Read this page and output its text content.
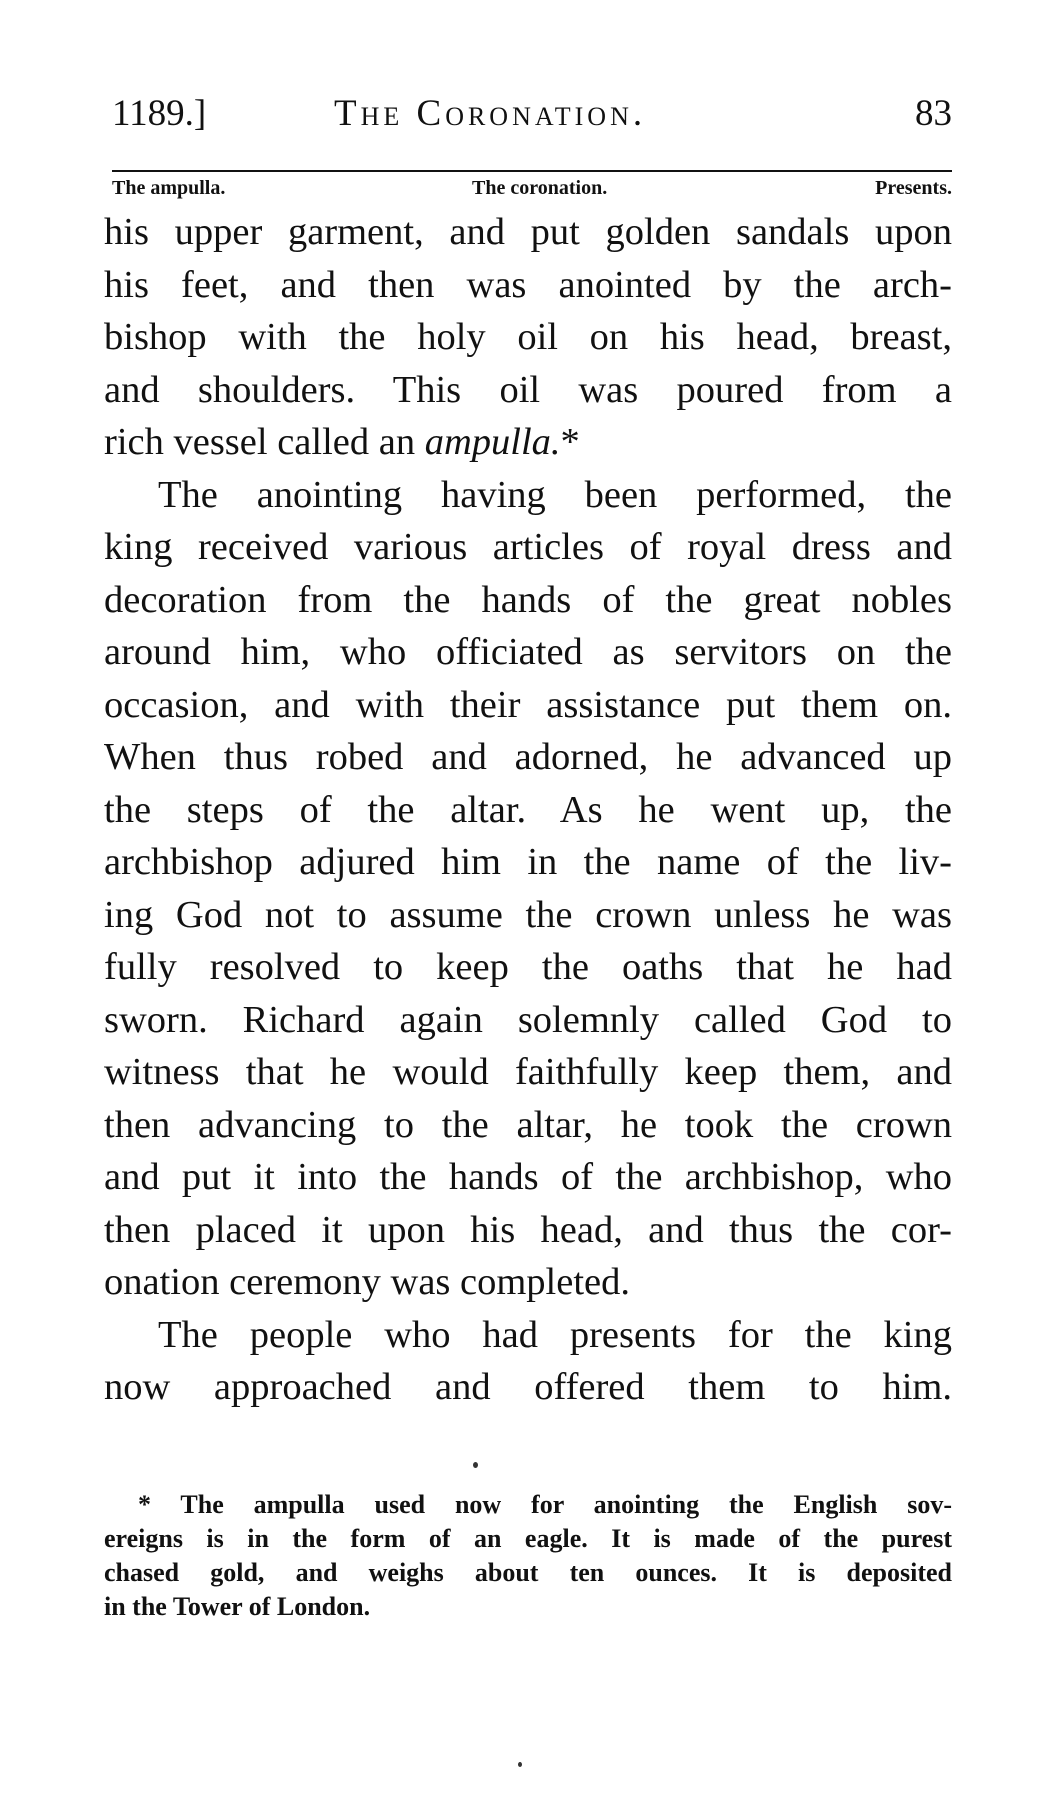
1189.]	The Coronation.	83
The ampulla.	The coronation.	Presents.

his upper garment, and put golden sandals upon
his feet, and then was anointed by the arch-
bishop with the holy oil on his head, breast,
and shoulders. This oil was poured from a
rich vessel called an ampulla.*

The anointing having been performed, the
king received various articles of royal dress and
decoration from the hands of the great nobles
around him, who officiated as servitors on the
occasion, and with their assistance put them on.
When thus robed and adorned, he advanced up
the steps of the altar. As he went up, the
archbishop adjured him in the name of the liv-
ing God not to assume the crown unless he was
fully resolved to keep the oaths that he had
sworn. Richard again solemnly called God to
witness that he would faithfully keep them, and
then advancing to the altar, he took the crown
and put it into the hands of the archbishop, who
then placed it upon his head, and thus the cor-
onation ceremony was completed.

The people who had presents for the king
now approached and offered them to him.

* The ampulla used now for anointing the English sov-
ereigns is in the form of an eagle. It is made of the purest
chased gold, and weighs about ten ounces. It is deposited
in the Tower of London.
